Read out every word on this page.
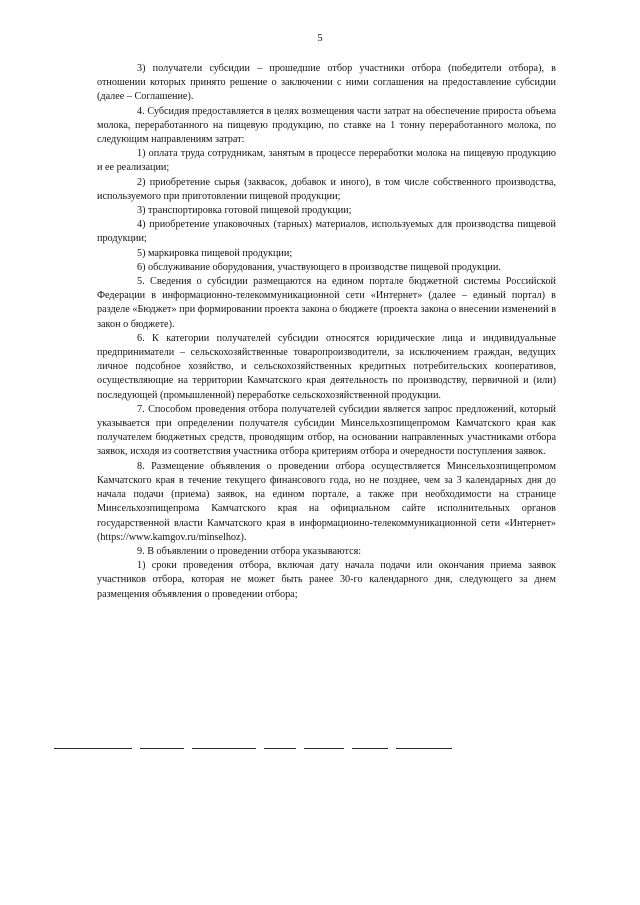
5

3) получатели субсидии – прошедшие отбор участники отбора (победители отбора), в отношении которых принято решение о заключении с ними соглашения на предоставление субсидии (далее – Соглашение).

4. Субсидия предоставляется в целях возмещения части затрат на обеспечение прироста объема молока, переработанного на пищевую продукцию, по ставке на 1 тонну переработанного молока, по следующим направлениям затрат:

1) оплата труда сотрудникам, занятым в процессе переработки молока на пищевую продукцию и ее реализации;

2) приобретение сырья (заквасок, добавок и иного), в том числе собственного производства, используемого при приготовлении пищевой продукции;

3) транспортировка готовой пищевой продукции;

4) приобретение упаковочных (тарных) материалов, используемых для производства пищевой продукции;

5) маркировка пищевой продукции;

6) обслуживание оборудования, участвующего в производстве пищевой продукции.

5. Сведения о субсидии размещаются на едином портале бюджетной системы Российской Федерации в информационно-телекоммуникационной сети «Интернет» (далее – единый портал) в разделе «Бюджет» при формировании проекта закона о бюджете (проекта закона о внесении изменений в закон о бюджете).

6. К категории получателей субсидии относятся юридические лица и индивидуальные предприниматели – сельскохозяйственные товаропроизводители, за исключением граждан, ведущих личное подсобное хозяйство, и сельскохозяйственных кредитных потребительских кооперативов, осуществляющие на территории Камчатского края деятельность по производству, первичной и (или) последующей (промышленной) переработке сельскохозяйственной продукции.

7. Способом проведения отбора получателей субсидии является запрос предложений, который указывается при определении получателя субсидии Минсельхозпищепромом Камчатского края как получателем бюджетных средств, проводящим отбор, на основании направленных участниками отбора заявок, исходя из соответствия участника отбора критериям отбора и очередности поступления заявок.

8. Размещение объявления о проведении отбора осуществляется Минсельхозпищепромом Камчатского края в течение текущего финансового года, но не позднее, чем за 3 календарных дня до начала подачи (приема) заявок, на едином портале, а также при необходимости на странице Минсельхозпищепрома Камчатского края на официальном сайте исполнительных органов государственной власти Камчатского края в информационно-телекоммуникационной сети «Интернет» (https://www.kamgov.ru/minselhoz).

9. В объявлении о проведении отбора указываются:

1) сроки проведения отбора, включая дату начала подачи или окончания приема заявок участников отбора, которая не может быть ранее 30-го календарного дня, следующего за днем размещения объявления о проведении отбора;
